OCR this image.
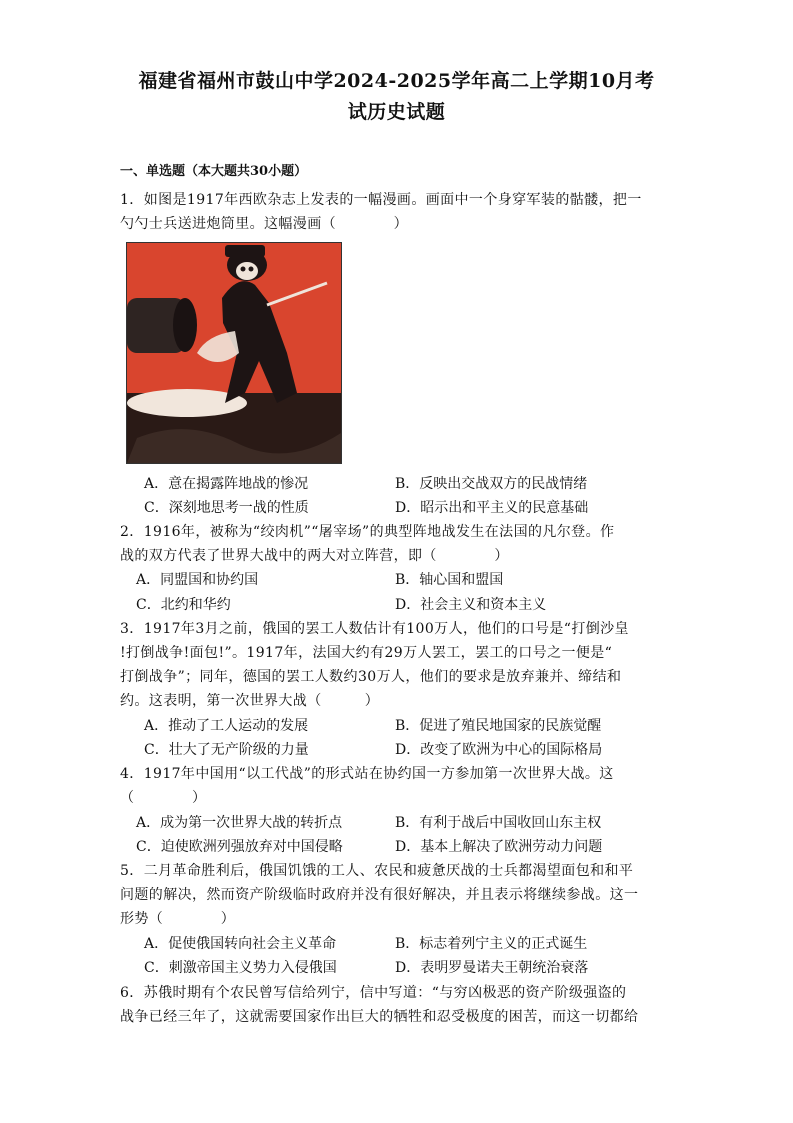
福建省福州市鼓山中学2024-2025学年高二上学期10月考
试历史试题
一、单选题（本大题共30小题）
1．如图是1917年西欧杂志上发表的一幅漫画。画面中一个身穿军装的骷髅，把一
勺勺士兵送进炮筒里。这幅漫画（　　　　）
A．意在揭露阵地战的惨况	B．反映出交战双方的民战情绪
C．深刻地思考一战的性质	D．昭示出和平主义的民意基础
2．1916年，被称为“绞肉机”“屠宰场”的典型阵地战发生在法国的凡尔登。作
战的双方代表了世界大战中的两大对立阵营，即（　　　　）
A．同盟国和协约国	B．轴心国和盟国
C．北约和华约	D．社会主义和资本主义
3．1917年3月之前，俄国的罢工人数估计有100万人，他们的口号是“打倒沙皇
!打倒战争!面包!”。1917年，法国大约有29万人罢工，罢工的口号之一便是“
打倒战争”；同年，德国的罢工人数约30万人，他们的要求是放弃兼并、缔结和
约。这表明，第一次世界大战（　　　）
A．推动了工人运动的发展	B．促进了殖民地国家的民族觉醒
C．壮大了无产阶级的力量	D．改变了欧洲为中心的国际格局
4．1917年中国用“以工代战”的形式站在协约国一方参加第一次世界大战。这
（　　　　）
A．成为第一次世界大战的转折点	B．有利于战后中国收回山东主权
C．迫使欧洲列强放弃对中国侵略	D．基本上解决了欧洲劳动力问题
5．二月革命胜利后，俄国饥饿的工人、农民和疲惫厌战的士兵都渴望面包和和平
问题的解决，然而资产阶级临时政府并没有很好解决，并且表示将继续参战。这一
形势（　　　　）
A．促使俄国转向社会主义革命	B．标志着列宁主义的正式诞生
C．刺激帝国主义势力入侵俄国	D．表明罗曼诺夫王朝统治衰落
6．苏俄时期有个农民曾写信给列宁，信中写道：“与穷凶极恶的资产阶级强盗的
战争已经三年了，这就需要国家作出巨大的牺牲和忍受极度的困苦，而这一切都给
